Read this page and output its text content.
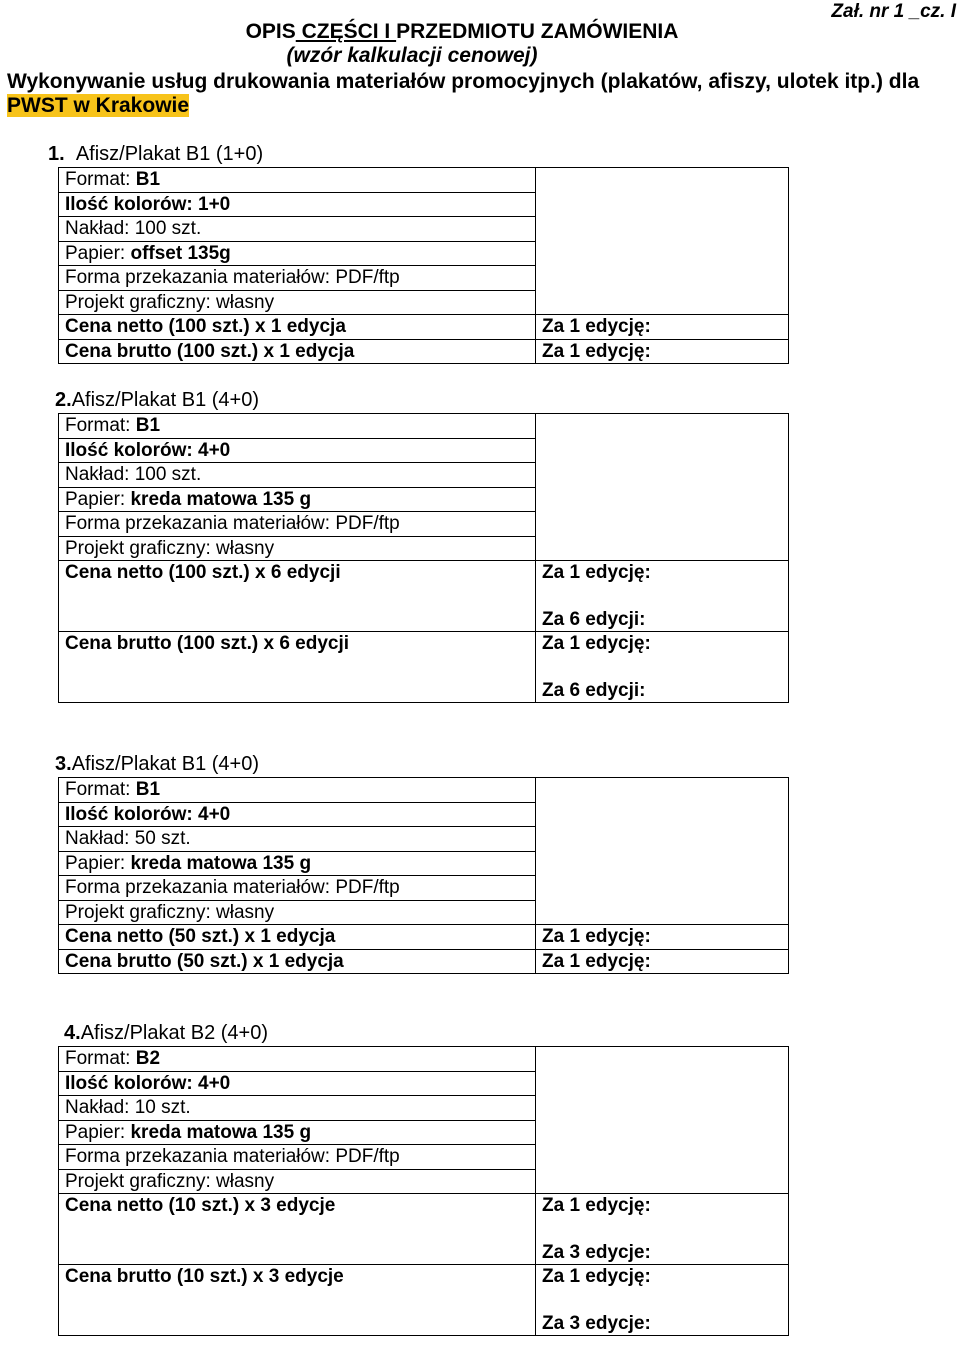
Zał. nr 1 _cz. I
OPIS CZĘŚCI I PRZEDMIOTU ZAMÓWIENIA
(wzór kalkulacji cenowej)
Wykonywanie usług drukowania materiałów promocyjnych (plakatów, afiszy, ulotek itp.) dla
PWST w Krakowie
1. Afisz/Plakat B1 (1+0)
Format: B1	
Ilość kolorów: 1+0	
Nakład: 100 szt.	
Papier: offset 135g	
Forma przekazania materiałów: PDF/ftp	
Projekt graficzny: własny	
Cena netto (100 szt.) x 1 edycja	Za 1 edycję:
Cena brutto (100 szt.) x 1 edycja	Za 1 edycję:
2.Afisz/Plakat B1 (4+0)
Format: B1	
Ilość kolorów: 4+0	
Nakład: 100 szt.	
Papier: kreda matowa 135 g	
Forma przekazania materiałów: PDF/ftp	
Projekt graficzny: własny	
Cena netto (100 szt.) x 6 edycji	Za 1 edycję:
Za 6 edycji:

Cena brutto (100 szt.) x 6 edycji	Za 1 edycję:
Za 6 edycji:
3.Afisz/Plakat B1 (4+0)
Format: B1	
Ilość kolorów: 4+0	
Nakład: 50 szt.	
Papier: kreda matowa 135 g	
Forma przekazania materiałów: PDF/ftp	
Projekt graficzny: własny	
Cena netto (50 szt.) x 1 edycja	Za 1 edycję:
Cena brutto (50 szt.) x 1 edycja	Za 1 edycję:
4.Afisz/Plakat B2 (4+0)
Format: B2	
Ilość kolorów: 4+0	
Nakład: 10 szt.	
Papier: kreda matowa 135 g	
Forma przekazania materiałów: PDF/ftp	
Projekt graficzny: własny	
Cena netto (10 szt.) x 3 edycje	Za 1 edycję:
Za 3 edycje:

Cena brutto (10 szt.) x 3 edycje	Za 1 edycję:
Za 3 edycje:
